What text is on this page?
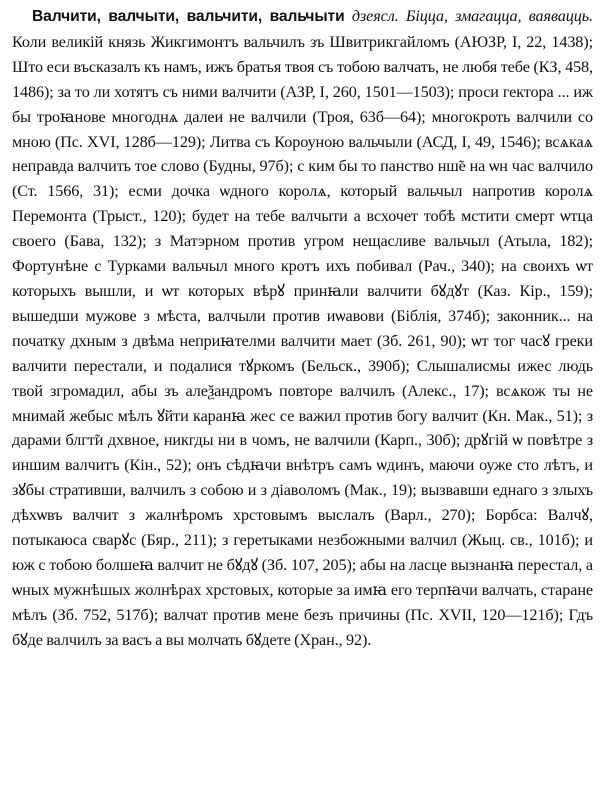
Валчити, валчыти, вальчити, вальчыти дзеясл. Біцца, змагацца, ваявацць. Коли великій князь Жикгимонтъ вальчилъ зъ Швитрикгайломъ (АЮЗР, I, 22, 1438); Што еси въсказалъ къ намъ, ижъ братья твоя съ тобою валчать, не любя тебе (КЗ, 458, 1486); за то ли хотятъ съ ними валчити (АЗР, I, 260, 1501—1503); проси гектора ... иж бы троꙗнове многоднѧ далеи не валчили (Троя, 63б—64); многокроть валчили со мною (Пс. XVI, 128б—129); Литва съ Короуною вальчыли (АСД, I, 49, 1546); всѧкаѧ неправда валчить тое слово (Будны, 97б); с ким бы то панство нш̃е на ѡн час валчило (Ст. 1566, 31); есми дочка ѡдного королѧ, который вальчыл напротив королѧ Перемонта (Трыст., 120); будет на тебе валчыти а всхочет тобѣ мстити смерт ѡтца своего (Бава, 132); з Матэрном против угром нещасливе вальчыл (Атыла, 182); Фортунѣне с Турками вальчыл много кротъ ихъ побивал (Рач., 340); на своихъ ѡт которыхъ вышли, и ѡт которых вѣрꙋ принꙗли валчити бꙋдꙋт (Каз. Кір., 159); вышедши мужове з мѣста, валчыли против иѡавови (Біблія, 374б); законник... на початку дхным з двѣма неприꙗтелми валчити мает (Зб. 261, 90); ѡт тог часꙋ греки валчити перестали, и подалися тꙋркомъ (Бельск., 390б); Слышалисмы ижес людь твой згромадил, абы зъ алеѯандромъ повторе валчилъ (Алекс., 17); всѧкож ты не мнимай жебыс мѣлъ ꙋйти каранꙗ жес се важил против богу валчит (Кн. Мак., 51); з дарами блгт̃и дхвное, никгды ни в чомъ, не валчили (Карп., 30б); дрꙋгій ѡ повѣтре з иншим валчитъ (Кін., 52); онъ сѣдꙗчи внѣтръ самъ ѡдинъ, маючи оуже сто лѣтъ, и зꙋбы стративши, валчилъ з собою и з діаволомъ (Мак., 19); вызвавши еднаго з злыхъ дѣхѡвъ валчит з жалнѣромъ хрстовымъ выслалъ (Варл., 270); Борбса: Валчꙋ, потыкаюса сварꙋс (Бяр., 211); з геретыками незбожными валчил (Жыц. св., 101б); и юж с тобою болшеꙗ валчит не бꙋдꙋ (Зб. 107, 205); абы на ласце вызнанꙗ перестал, а ѡных мужнѣшых жолнѣрах хрстовых, которые за имꙗ его терпꙗчи валчать, старане мѣлъ (Зб. 752, 517б); валчат против мене безъ причины (Пс. XVII, 120—121б); Гдъ бꙋде валчилъ за васъ а вы молчать бꙋдете (Хран., 92).
